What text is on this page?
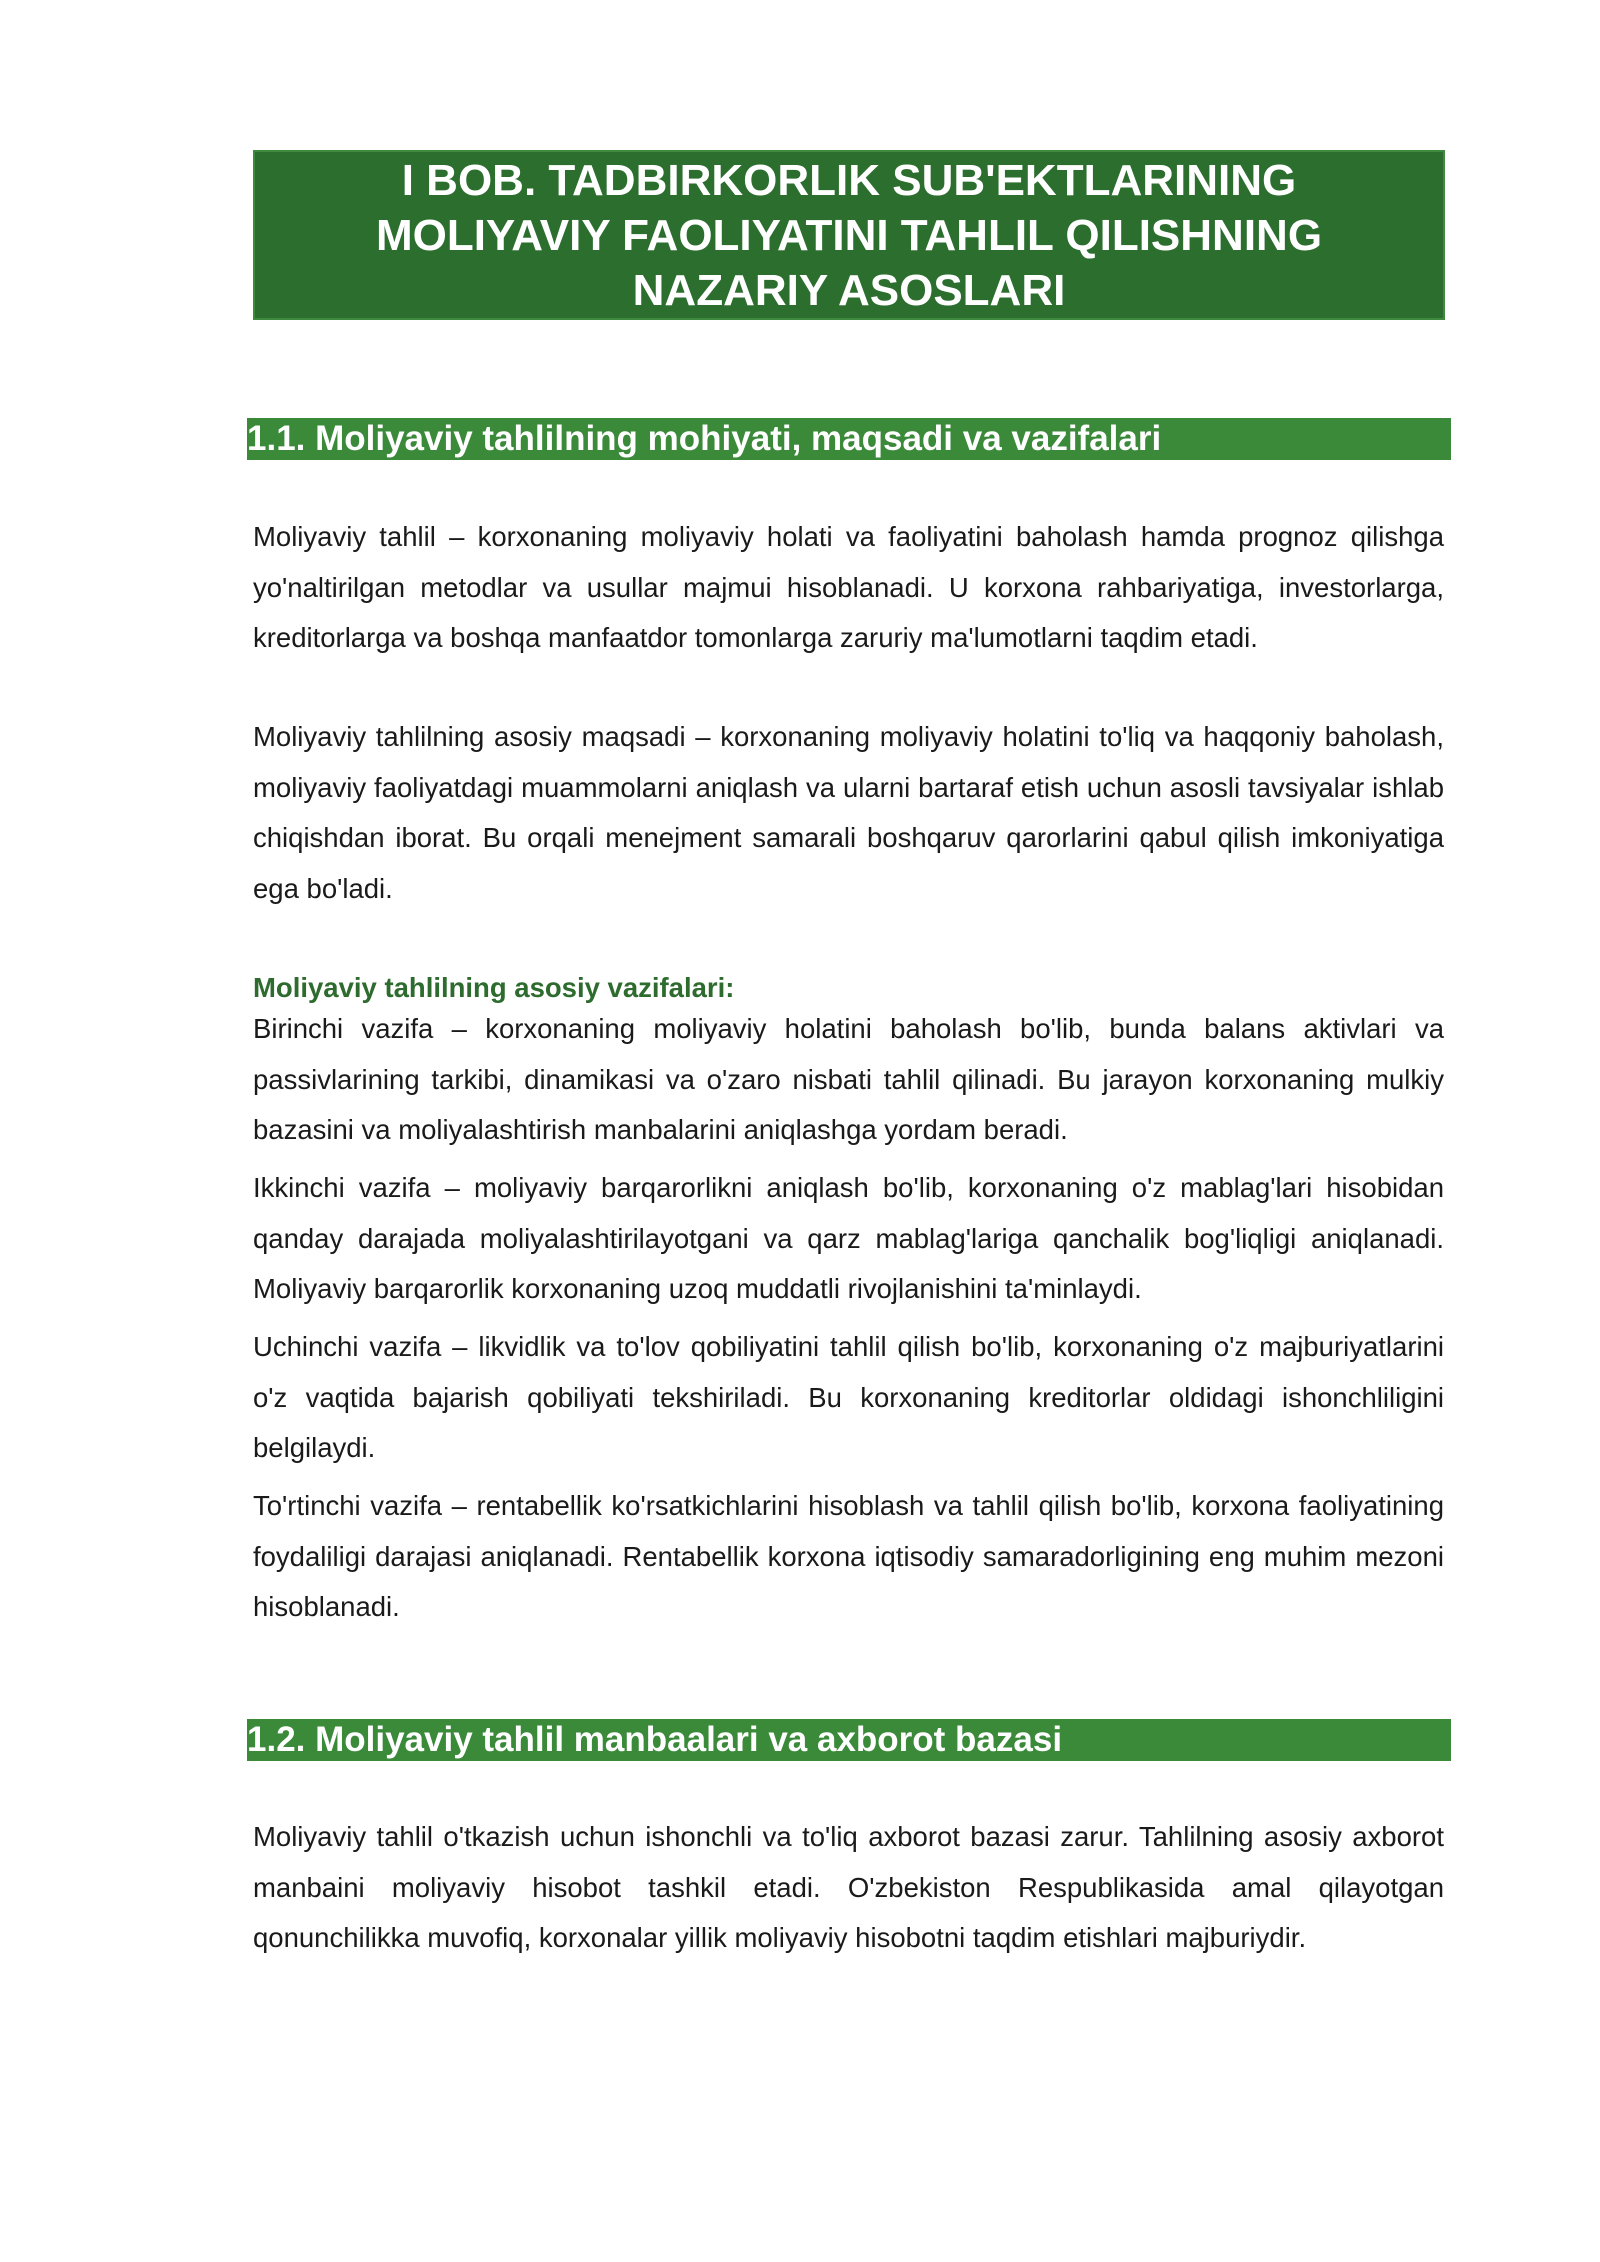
I BOB. TADBIRKORLIK SUB'EKTLARINING MOLIYAVIY FAOLIYATINI TAHLIL QILISHNING NAZARIY ASOSLARI
1.1. Moliyaviy tahlilning mohiyati, maqsadi va vazifalari

Moliyaviy tahlil – korxonaning moliyaviy holati va faoliyatini baholash hamda prognoz qilishga yo'naltirilgan metodlar va usullar majmui hisoblanadi. U korxona rahbariyatiga, investorlarga, kreditorlarga va boshqa manfaatdor tomonlarga zaruriy ma'lumotlarni taqdim etadi.

Moliyaviy tahlilning asosiy maqsadi – korxonaning moliyaviy holatini to'liq va haqqoniy baholash, moliyaviy faoliyatdagi muammolarni aniqlash va ularni bartaraf etish uchun asosli tavsiyalar ishlab chiqishdan iborat. Bu orqali menejment samarali boshqaruv qarorlarini qabul qilish imkoniyatiga ega bo'ladi.

Moliyaviy tahlilning asosiy vazifalari:

Birinchi vazifa – korxonaning moliyaviy holatini baholash bo'lib, bunda balans aktivlari va passivlarining tarkibi, dinamikasi va o'zaro nisbati tahlil qilinadi. Bu jarayon korxonaning mulkiy bazasini va moliyalashtirish manbalarini aniqlashga yordam beradi.

Ikkinchi vazifa – moliyaviy barqarorlikni aniqlash bo'lib, korxonaning o'z mablag'lari hisobidan qanday darajada moliyalashtirilayotgani va qarz mablag'lariga qanchalik bog'liqligi aniqlanadi. Moliyaviy barqarorlik korxonaning uzoq muddatli rivojlanishini ta'minlaydi.

Uchinchi vazifa – likvidlik va to'lov qobiliyatini tahlil qilish bo'lib, korxonaning o'z majburiyatlarini o'z vaqtida bajarish qobiliyati tekshiriladi. Bu korxonaning kreditorlar oldidagi ishonchliligini belgilaydi.

To'rtinchi vazifa – rentabellik ko'rsatkichlarini hisoblash va tahlil qilish bo'lib, korxona faoliyatining foydaliligi darajasi aniqlanadi. Rentabellik korxona iqtisodiy samaradorligining eng muhim mezoni hisoblanadi.

1.2. Moliyaviy tahlil manbaalari va axborot bazasi

Moliyaviy tahlil o'tkazish uchun ishonchli va to'liq axborot bazasi zarur. Tahlilning asosiy axborot manbaini moliyaviy hisobot tashkil etadi. O'zbekiston Respublikasida amal qilayotgan qonunchilikka muvofiq, korxonalar yillik moliyaviy hisobotni taqdim etishlari majburiydir.
